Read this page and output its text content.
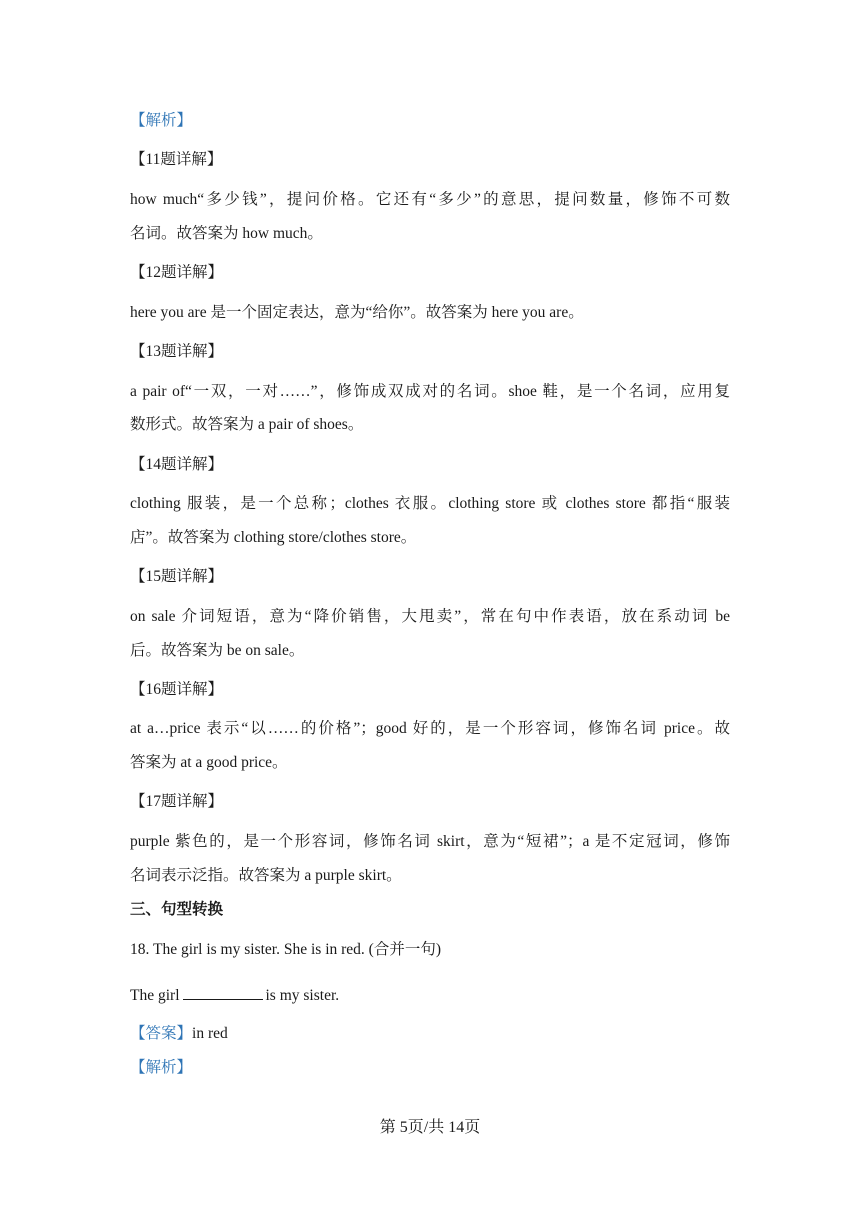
【解析】
【11题详解】
how much“多少钱”，提问价格。它还有“多少”的意思，提问数量，修饰不可数
名词。故答案为 how much。
【12题详解】
here you are 是一个固定表达，意为“给你”。故答案为 here you are。
【13题详解】
a pair of“一双，一对……”，修饰成双成对的名词。shoe 鞋，是一个名词，应用复
数形式。故答案为 a pair of shoes。
【14题详解】
clothing 服装，是一个总称；clothes 衣服。clothing store 或 clothes store 都指“服装
店”。故答案为 clothing store/clothes store。
【15题详解】
on sale 介词短语，意为“降价销售，大甩卖”，常在句中作表语，放在系动词 be
后。故答案为 be on sale。
【16题详解】
at a…price 表示“以……的价格”；good 好的，是一个形容词，修饰名词 price。故
答案为 at a good price。
【17题详解】
purple 紫色的，是一个形容词，修饰名词 skirt，意为“短裙”；a 是不定冠词，修饰
名词表示泛指。故答案为 a purple skirt。
三、句型转换
18. The girl is my sister. She is in red. (合并一句)
The girl	is my sister.
【答案】in red
【解析】
第 5页/共 14页
